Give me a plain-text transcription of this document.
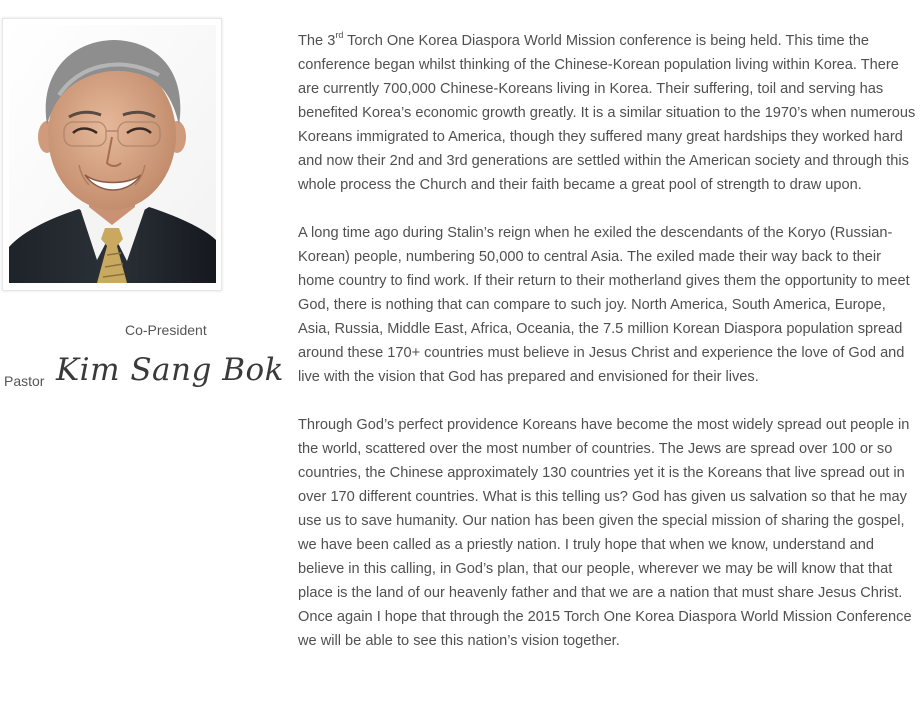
Co-President
Pastor Kim Sang Bok

The 3rd Torch One Korea Diaspora World Mission conference is being held. This time the conference began whilst thinking of the Chinese-Korean population living within Korea. There are currently 700,000 Chinese-Koreans living in Korea. Their suffering, toil and serving has benefited Korea’s economic growth greatly. It is a similar situation to the 1970’s when numerous Koreans immigrated to America, though they suffered many great hardships they worked hard and now their 2nd and 3rd generations are settled within the American society and through this whole process the Church and their faith became a great pool of strength to draw upon.

A long time ago during Stalin’s reign when he exiled the descendants of the Koryo (Russian-Korean) people, numbering 50,000 to central Asia. The exiled made their way back to their home country to find work. If their return to their motherland gives them the opportunity to meet God, there is nothing that can compare to such joy. North America, South America, Europe, Asia, Russia, Middle East, Africa, Oceania, the 7.5 million Korean Diaspora population spread around these 170+ countries must believe in Jesus Christ and experience the love of God and live with the vision that God has prepared and envisioned for their lives.

Through God’s perfect providence Koreans have become the most widely spread out people in the world, scattered over the most number of countries. The Jews are spread over 100 or so countries, the Chinese approximately 130 countries yet it is the Koreans that live spread out in over 170 different countries. What is this telling us? God has given us salvation so that he may use us to save humanity. Our nation has been given the special mission of sharing the gospel, we have been called as a priestly nation. I truly hope that when we know, understand and believe in this calling, in God’s plan, that our people, wherever we may be will know that that place is the land of our heavenly father and that we are a nation that must share Jesus Christ. Once again I hope that through the 2015 Torch One Korea Diaspora World Mission Conference we will be able to see this nation’s vision together.
